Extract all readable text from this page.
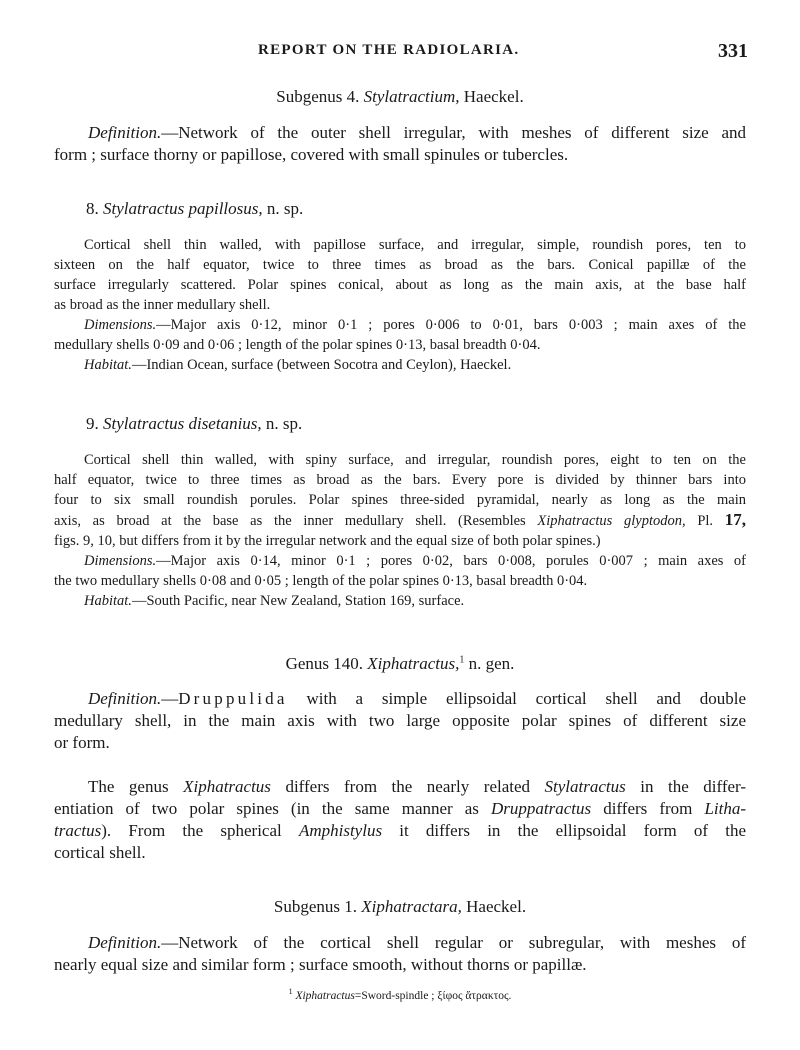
REPORT ON THE RADIOLARIA.	331
Subgenus 4. Stylatractium, Haeckel.
Definition.—Network of the outer shell irregular, with meshes of different size and
form ; surface thorny or papillose, covered with small spinules or tubercles.
8. Stylatractus papillosus, n. sp.
Cortical shell thin walled, with papillose surface, and irregular, simple, roundish pores, ten to
sixteen on the half equator, twice to three times as broad as the bars. Conical papillæ of the
surface irregularly scattered. Polar spines conical, about as long as the main axis, at the base half
as broad as the inner medullary shell.
Dimensions.—Major axis 0·12, minor 0·1 ; pores 0·006 to 0·01, bars 0·003 ; main axes of the
medullary shells 0·09 and 0·06 ; length of the polar spines 0·13, basal breadth 0·04.
Habitat.—Indian Ocean, surface (between Socotra and Ceylon), Haeckel.
9. Stylatractus disetanius, n. sp.
Cortical shell thin walled, with spiny surface, and irregular, roundish pores, eight to ten on the
half equator, twice to three times as broad as the bars. Every pore is divided by thinner bars into
four to six small roundish porules. Polar spines three-sided pyramidal, nearly as long as the main
axis, as broad at the base as the inner medullary shell. (Resembles Xiphatractus glyptodon, Pl. 17,
figs. 9, 10, but differs from it by the irregular network and the equal size of both polar spines.)
Dimensions.—Major axis 0·14, minor 0·1 ; pores 0·02, bars 0·008, porules 0·007 ; main axes of
the two medullary shells 0·08 and 0·05 ; length of the polar spines 0·13, basal breadth 0·04.
Habitat.—South Pacific, near New Zealand, Station 169, surface.
Genus 140. Xiphatractus,$^1$ n. gen.
Definition.—Druppulida with a simple ellipsoidal cortical shell and double
medullary shell, in the main axis with two large opposite polar spines of different size
or form.
The genus Xiphatractus differs from the nearly related Stylatractus in the differ-
entiation of two polar spines (in the same manner as Druppatractus differs from Litha-
tractus). From the spherical Amphistylus it differs in the ellipsoidal form of the
cortical shell.
Subgenus 1. Xiphatractara, Haeckel.
Definition.—Network of the cortical shell regular or subregular, with meshes of
nearly equal size and similar form ; surface smooth, without thorns or papillæ.
$^1$ Xiphatractus=Sword-spindle ; ξίφος ἄτρακτος.
